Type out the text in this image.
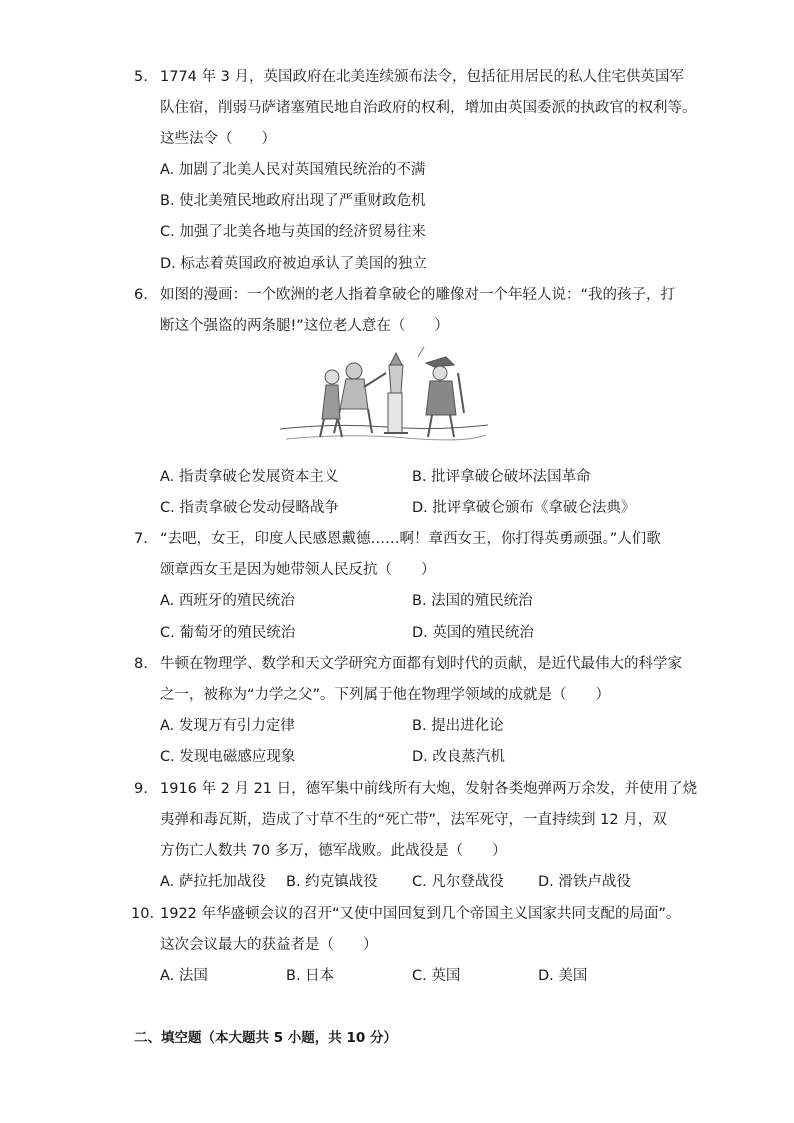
5. 1774 年 3 月，英国政府在北美连续颁布法令，包括征用居民的私人住宅供英国军
队住宿，削弱马萨诸塞殖民地自治政府的权利，增加由英国委派的执政官的权利等。
这些法令（　　）
A. 加剧了北美人民对英国殖民统治的不满
B. 使北美殖民地政府出现了严重财政危机
C. 加强了北美各地与英国的经济贸易往来
D. 标志着英国政府被迫承认了美国的独立
6. 如图的漫画：一个欧洲的老人指着拿破仑的雕像对一个年轻人说：“我的孩子，打
断这个强盗的两条腿!”这位老人意在（　　）
A. 指责拿破仑发展资本主义	B. 批评拿破仑破坏法国革命
C. 指责拿破仑发动侵略战争	D. 批评拿破仑颁布《拿破仑法典》
7. “去吧，女王，印度人民感恩戴德……啊！章西女王，你打得英勇顽强。”人们歌
颂章西女王是因为她带领人民反抗（　　）
A. 西班牙的殖民统治	B. 法国的殖民统治
C. 葡萄牙的殖民统治	D. 英国的殖民统治
8. 牛顿在物理学、数学和天文学研究方面都有划时代的贡献，是近代最伟大的科学家
之一，被称为“力学之父”。下列属于他在物理学领域的成就是（　　）
A. 发现万有引力定律	B. 提出进化论
C. 发现电磁感应现象	D. 改良蒸汽机
9. 1916 年 2 月 21 日，德军集中前线所有大炮，发射各类炮弹两万余发，并使用了烧
夷弹和毒瓦斯，造成了寸草不生的“死亡带”，法军死守，一直持续到 12 月，双
方伤亡人数共 70 多万，德军战败。此战役是（　　）
A. 萨拉托加战役 B. 约克镇战役 C. 凡尔登战役 D. 滑铁卢战役
10. 1922 年华盛顿会议的召开“又使中国回复到几个帝国主义国家共同支配的局面”。
这次会议最大的获益者是（　　）
A. 法国	B. 日本	C. 英国	D. 美国
二、填空题（本大题共 5 小题，共 10 分）
